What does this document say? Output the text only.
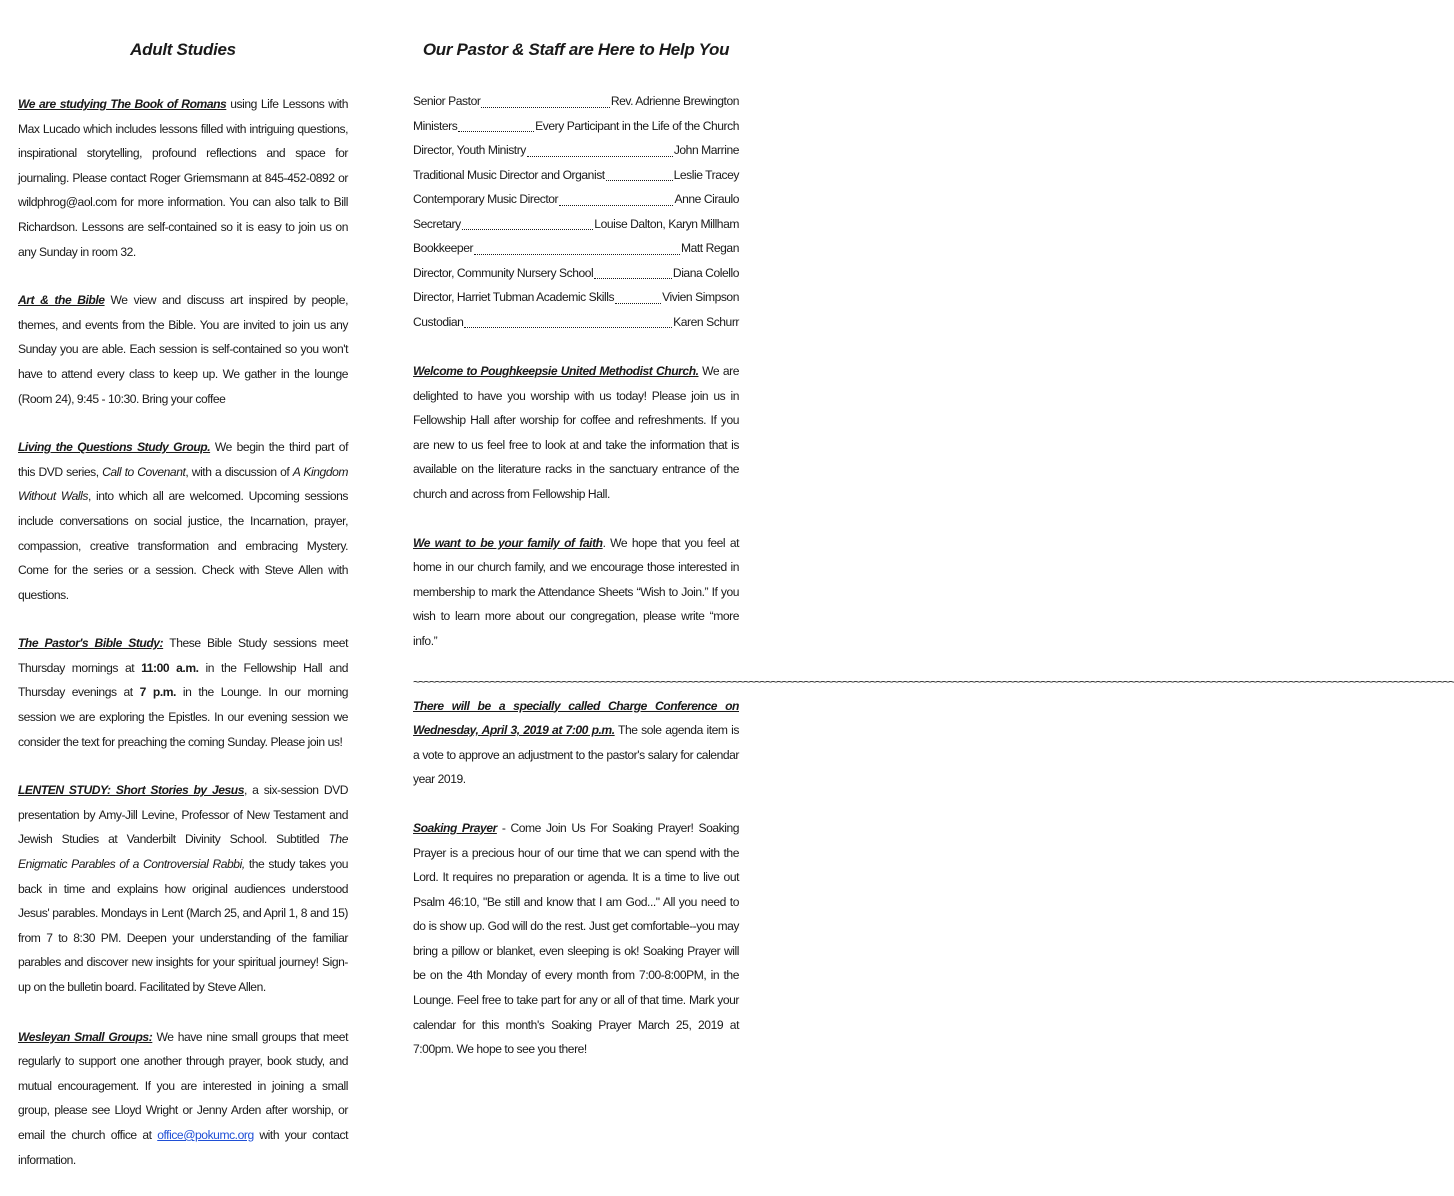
Adult Studies

We are studying The Book of Romans using Life Lessons with Max Lucado which includes lessons filled with intriguing questions, inspirational storytelling, profound reflections and space for journaling. Please contact Roger Griemsmann at 845-452-0892 or wildphrog@aol.com for more information. You can also talk to Bill Richardson. Lessons are self-contained so it is easy to join us on any Sunday in room 32.

Art & the Bible We view and discuss art inspired by people, themes, and events from the Bible. You are invited to join us any Sunday you are able. Each session is self-contained so you won't have to attend every class to keep up. We gather in the lounge (Room 24), 9:45 - 10:30. Bring your coffee

Living the Questions Study Group. We begin the third part of this DVD series, Call to Covenant, with a discussion of A Kingdom Without Walls, into which all are welcomed. Upcoming sessions include conversations on social justice, the Incarnation, prayer, compassion, creative transformation and embracing Mystery. Come for the series or a session. Check with Steve Allen with questions.

The Pastor's Bible Study: These Bible Study sessions meet Thursday mornings at 11:00 a.m. in the Fellowship Hall and Thursday evenings at 7 p.m. in the Lounge. In our morning session we are exploring the Epistles. In our evening session we consider the text for preaching the coming Sunday. Please join us!

LENTEN STUDY: Short Stories by Jesus, a six-session DVD presentation by Amy-Jill Levine, Professor of New Testament and Jewish Studies at Vanderbilt Divinity School. Subtitled The Enigmatic Parables of a Controversial Rabbi, the study takes you back in time and explains how original audiences understood Jesus' parables. Mondays in Lent (March 25, and April 1, 8 and 15) from 7 to 8:30 PM. Deepen your understanding of the familiar parables and discover new insights for your spiritual journey! Sign-up on the bulletin board. Facilitated by Steve Allen.

Wesleyan Small Groups: We have nine small groups that meet regularly to support one another through prayer, book study, and mutual encouragement. If you are interested in joining a small group, please see Lloyd Wright or Jenny Arden after worship, or email the church office at office@pokumc.org with your contact information.

Our Pastor & Staff are Here to Help You
Senior Pastor	Rev. Adrienne Brewington
Ministers	Every Participant in the Life of the Church
Director, Youth Ministry	John Marrine
Traditional Music Director and Organist	Leslie Tracey
Contemporary Music Director	Anne Ciraulo
Secretary	Louise Dalton, Karyn Millham
Bookkeeper	Matt Regan
Director, Community Nursery School	Diana Colello
Director, Harriet Tubman Academic Skills	Vivien Simpson
Custodian	Karen Schurr

Welcome to Poughkeepsie United Methodist Church. We are delighted to have you worship with us today! Please join us in Fellowship Hall after worship for coffee and refreshments. If you are new to us feel free to look at and take the information that is available on the literature racks in the sanctuary entrance of the church and across from Fellowship Hall.

We want to be your family of faith. We hope that you feel at home in our church family, and we encourage those interested in membership to mark the Attendance Sheets “Wish to Join.” If you wish to learn more about our congregation, please write “more info.”

~~~~~~~~~~~~~~~~~~~~~~~~~~~~~~~~~~~~~~~~~~~~~~~~~~~~~~~~~~~~~~~~~~~~~~~~~~~~~~~~~~~~~~~~~~~~~~~~~~~~~~~~~~~~~~~~~~~~~~~~~~~~~~~~~~~~~~~~~~~~~~~~~~~~~~~~~~~~~~~~~~~~~~~~~~~~~~~~~~~~~~~~~~~~~

There will be a specially called Charge Conference on Wednesday, April 3, 2019 at 7:00 p.m. The sole agenda item is a vote to approve an adjustment to the pastor's salary for calendar year 2019.

Soaking Prayer - Come Join Us For Soaking Prayer! Soaking Prayer is a precious hour of our time that we can spend with the Lord. It requires no preparation or agenda. It is a time to live out Psalm 46:10, "Be still and know that I am God..." All you need to do is show up. God will do the rest. Just get comfortable--you may bring a pillow or blanket, even sleeping is ok! Soaking Prayer will be on the 4th Monday of every month from 7:00-8:00PM, in the Lounge. Feel free to take part for any or all of that time. Mark your calendar for this month's Soaking Prayer March 25, 2019 at 7:00pm. We hope to see you there!
